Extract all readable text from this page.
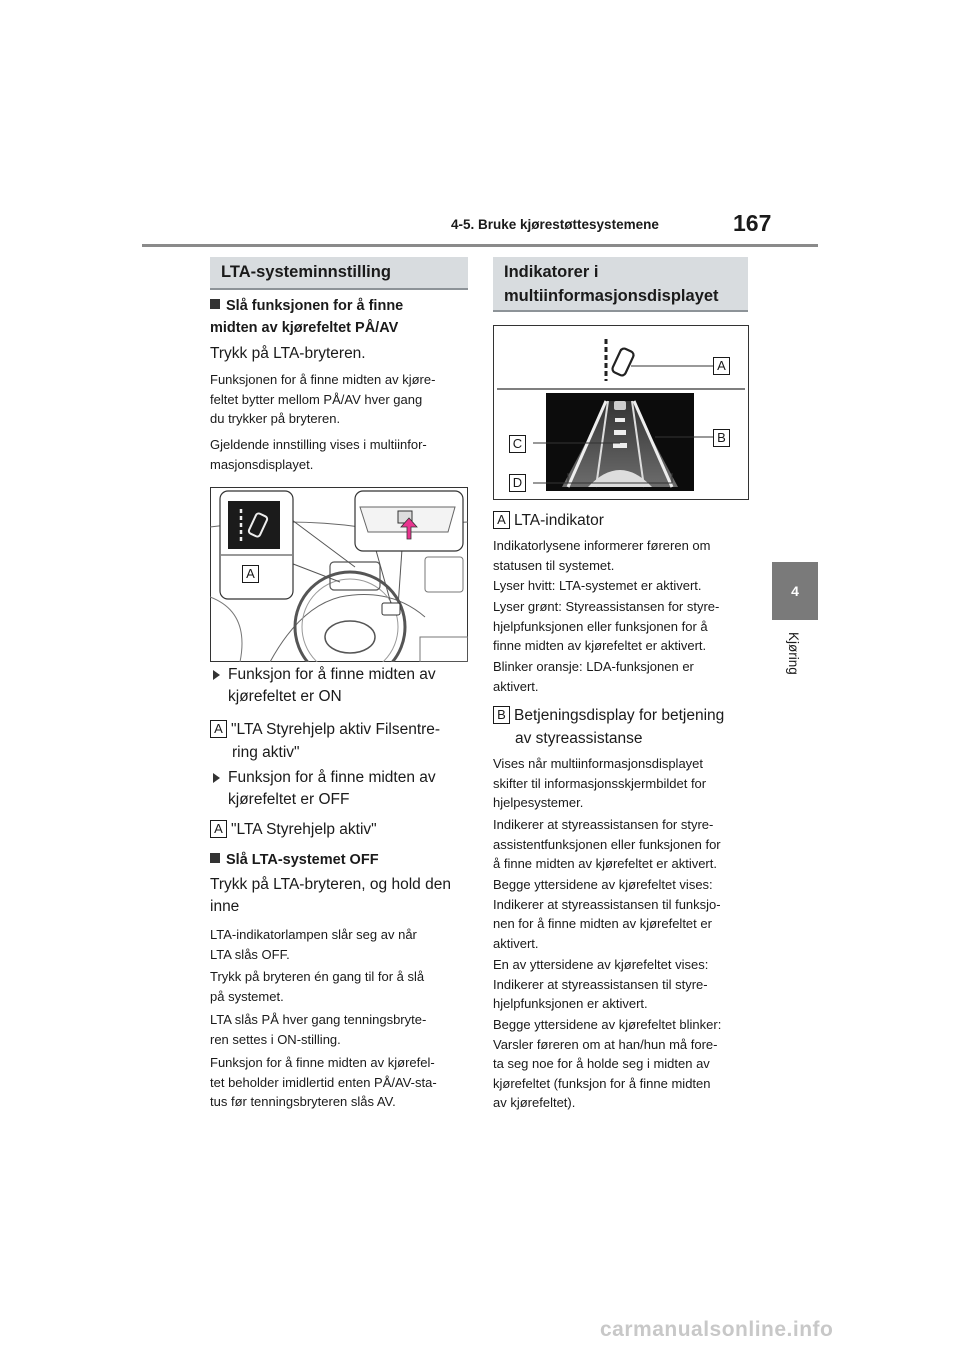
4-5. Bruke kjørestøttesystemene	167
4
Kjøring
LTA-systeminnstilling
Slå funksjonen for å finne
midten av kjørefeltet PÅ/AV
Trykk på LTA-bryteren.
Funksjonen for å finne midten av kjøre-
feltet bytter mellom PÅ/AV hver gang
du trykker på bryteren.
Gjeldende innstilling vises i multiinfor-
masjonsdisplayet.
A
Funksjon for å finne midten av
kjørefeltet er ON
A "LTA Styrehjelp aktiv Filsentre-
ring aktiv"
Funksjon for å finne midten av
kjørefeltet er OFF
A "LTA Styrehjelp aktiv"
Slå LTA-systemet OFF
Trykk på LTA-bryteren, og hold den
inne
LTA-indikatorlampen slår seg av når
LTA slås OFF.
Trykk på bryteren én gang til for å slå
på systemet.
LTA slås PÅ hver gang tenningsbryte-
ren settes i ON-stilling.
Funksjon for å finne midten av kjørefel-
tet beholder imidlertid enten PÅ/AV-sta-
tus før tenningsbryteren slås AV.
Indikatorer i
multiinformasjonsdisplayet
A
B
C
D
A LTA-indikator
Indikatorlysene informerer føreren om
statusen til systemet.
Lyser hvitt: LTA-systemet er aktivert.
Lyser grønt: Styreassistansen for styre-
hjelpfunksjonen eller funksjonen for å
finne midten av kjørefeltet er aktivert.
Blinker oransje: LDA-funksjonen er
aktivert.
B Betjeningsdisplay for betjening
av styreassistanse
Vises når multiinformasjonsdisplayet
skifter til informasjonsskjermbildet for
hjelpesystemer.
Indikerer at styreassistansen for styre-
assistentfunksjonen eller funksjonen for
å finne midten av kjørefeltet er aktivert.
Begge yttersidene av kjørefeltet vises:
Indikerer at styreassistansen til funksjo-
nen for å finne midten av kjørefeltet er
aktivert.
En av yttersidene av kjørefeltet vises:
Indikerer at styreassistansen til styre-
hjelpfunksjonen er aktivert.
Begge yttersidene av kjørefeltet blinker:
Varsler føreren om at han/hun må fore-
ta seg noe for å holde seg i midten av
kjørefeltet (funksjon for å finne midten
av kjørefeltet).
carmanualsonline.info
